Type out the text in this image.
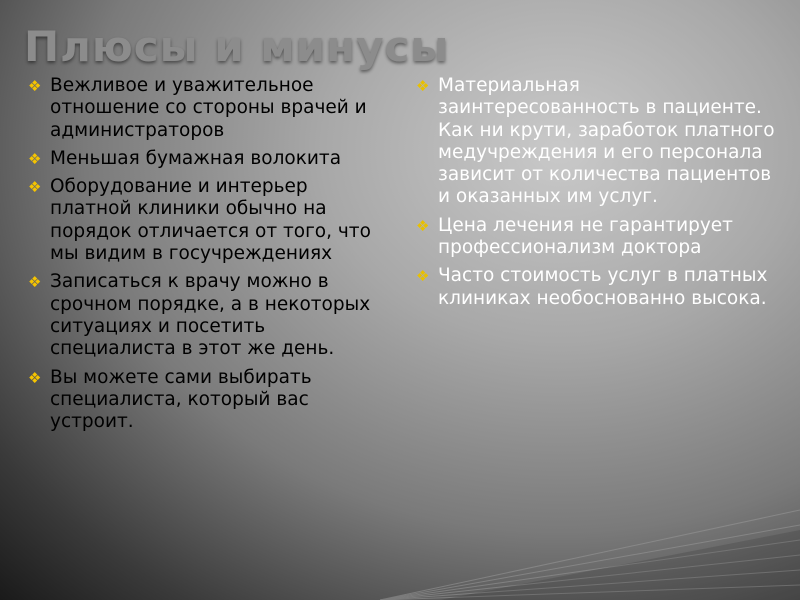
Плюсы и минусы
❖ Вежливое и уважительное отношение со стороны врачей и администраторов
❖ Меньшая бумажная волокита
❖ Оборудование и интерьер платной клиники обычно на порядок отличается от того, что мы видим в госучреждениях
❖ Записаться к врачу можно в срочном порядке, а в некоторых ситуациях и посетить специалиста в этот же день.
❖ Вы можете сами выбирать специалиста, который вас устроит.
❖ Материальная заинтересованность в пациенте. Как ни крути, заработок платного медучреждения и его персонала зависит от количества пациентов и оказанных им услуг.
❖ Цена лечения не гарантирует профессионализм доктора
❖ Часто стоимость услуг в платных клиниках необоснованно высока.
